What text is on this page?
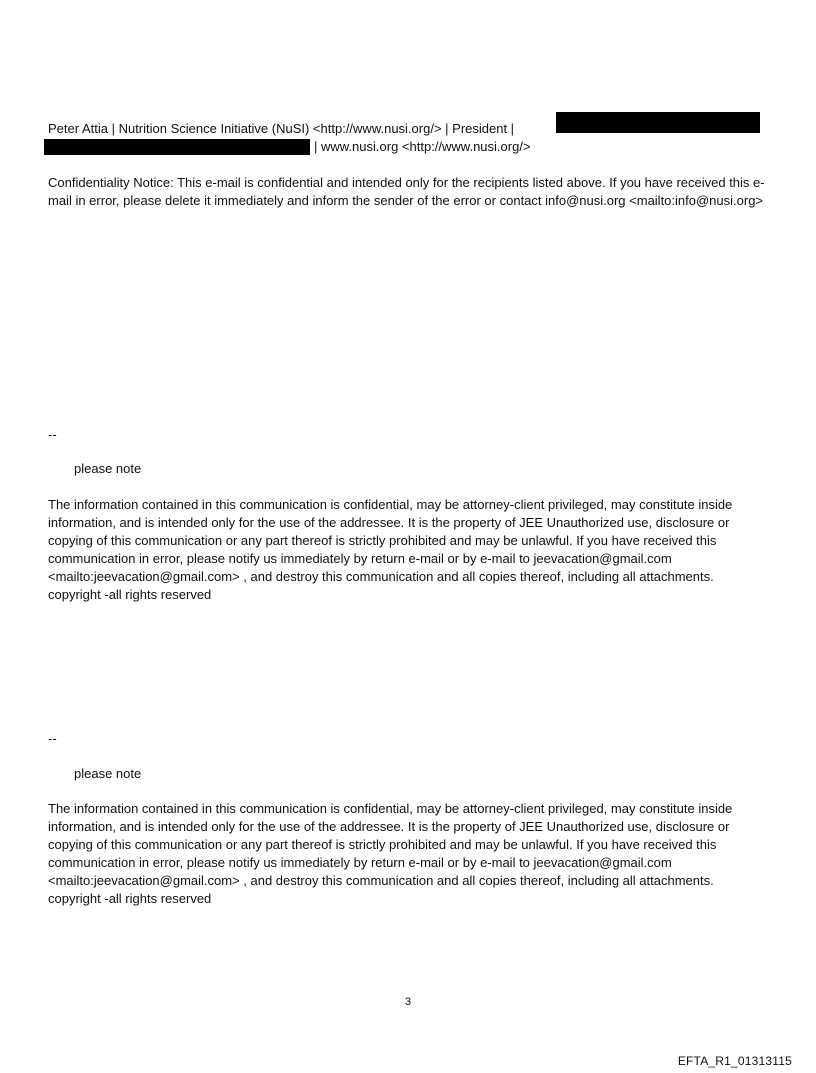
Peter Attia | Nutrition Science Initiative (NuSI) <http://www.nusi.org/> | President |
| www.nusi.org <http://www.nusi.org/>
Confidentiality Notice: This e-mail is confidential and intended only for the recipients listed above. If you have received this e-mail in error, please delete it immediately and inform the sender of the error or contact info@nusi.org <mailto:info@nusi.org>
--
please note
The information contained in this communication is confidential, may be attorney-client privileged, may constitute inside information, and is intended only for the use of the addressee. It is the property of JEE Unauthorized use, disclosure or copying of this communication or any part thereof is strictly prohibited and may be unlawful. If you have received this communication in error, please notify us immediately by return e-mail or by e-mail to jeevacation@gmail.com <mailto:jeevacation@gmail.com> , and destroy this communication and all copies thereof, including all attachments. copyright -all rights reserved
--
please note
The information contained in this communication is confidential, may be attorney-client privileged, may constitute inside information, and is intended only for the use of the addressee. It is the property of JEE Unauthorized use, disclosure or copying of this communication or any part thereof is strictly prohibited and may be unlawful. If you have received this communication in error, please notify us immediately by return e-mail or by e-mail to jeevacation@gmail.com <mailto:jeevacation@gmail.com> , and destroy this communication and all copies thereof, including all attachments. copyright -all rights reserved
3
EFTA_R1_01313115
